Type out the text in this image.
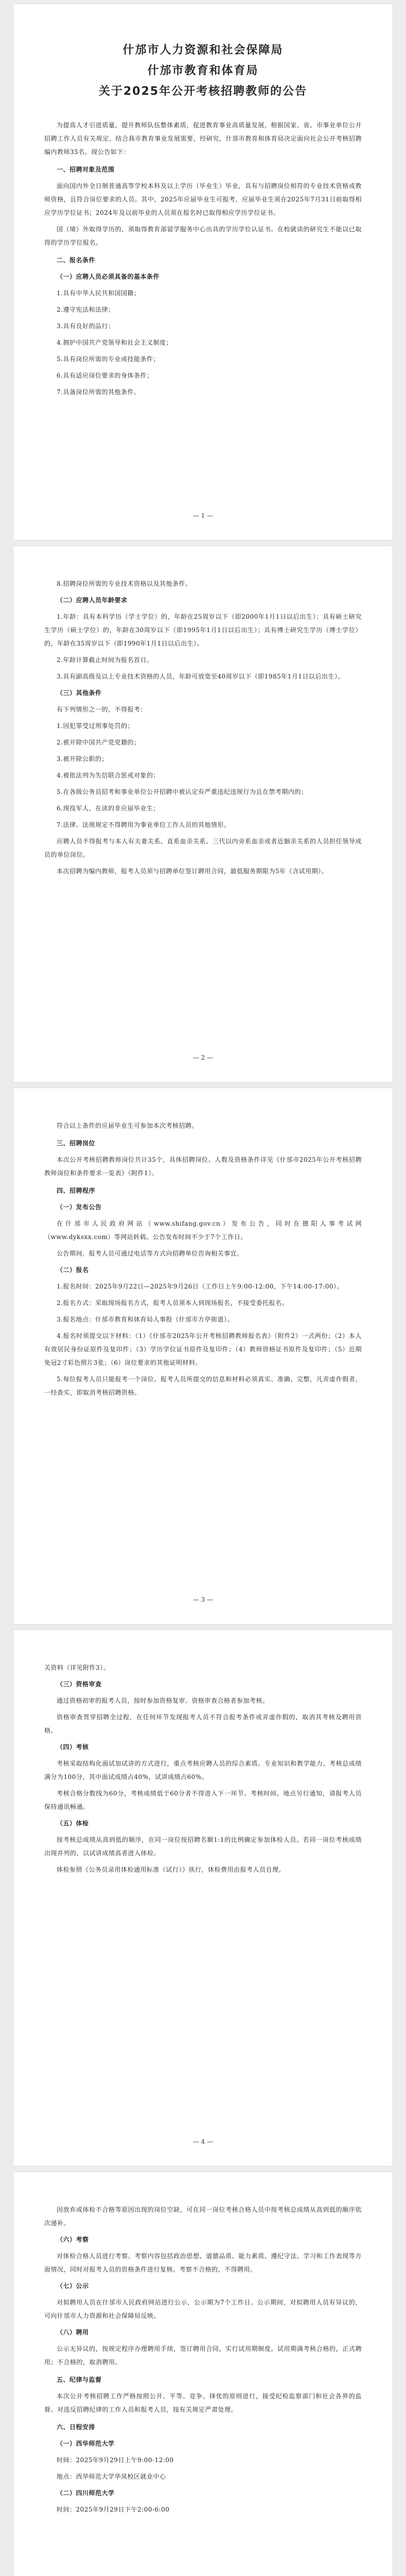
什邡市人力资源和社会保障局
什邡市教育和体育局
关于2025年公开考核招聘教师的公告

为提高人才引进质量，提升教师队伍整体素质，促进教育事业高质量发展，根据国家、省、市事业单位公开招聘工作人员有关规定，结合我市教育事业发展需要，经研究，什邡市教育和体育局决定面向社会公开考核招聘编内教师35名。现公告如下：

一、招聘对象及范围

面向国内外全日制普通高等学校本科及以上学历（毕业生）毕业，具有与招聘岗位相符的专业技术资格或教师资格，且符合岗位要求的人员。其中，2025年应届毕业生可报考，应届毕业生须在2025年7月31日前取得相应学历学位证书；2024年及以前毕业的人员须在报名时已取得相应学历学位证书。

国（境）外取得学历的，须取得教育部留学服务中心出具的学历学位认证书。在校就读的研究生不能以已取得的学历学位报名。

二、报名条件
（一）应聘人员必须具备的基本条件

1.具有中华人民共和国国籍；

2.遵守宪法和法律；

3.具有良好的品行；

4.拥护中国共产党领导和社会主义制度；

5.具有岗位所需的专业或技能条件；

6.具有适应岗位要求的身体条件；

7.具备岗位所需的其他条件。

— 1 —

8.招聘岗位所需的专业技术资格以及其他条件。

（二）应聘人员年龄要求

1.年龄：具有本科学历（学士学位）的，年龄在25周岁以下（即2000年1月1日以后出生）；具有硕士研究生学历（硕士学位）的，年龄在30周岁以下（即1995年1月1日以后出生）；具有博士研究生学历（博士学位）的，年龄在35周岁以下（即1990年1月1日以后出生）。

2.年龄计算截止时间为报名首日。

3.具有副高级及以上专业技术资格的人员，年龄可放宽至40周岁以下（即1985年1月1日以后出生）。

（三）其他条件

有下列情形之一的，不得报考：

1.因犯罪受过刑事处罚的；

2.被开除中国共产党党籍的；

3.被开除公职的；

4.被依法列为失信联合惩戒对象的；

5.在各级公务员招考和事业单位公开招聘中被认定有严重违纪违规行为且在禁考期内的；

6.现役军人、在读的非应届毕业生；

7.法律、法规规定不得聘用为事业单位工作人员的其他情形。

应聘人员不得报考与本人有夫妻关系、直系血亲关系、三代以内旁系血亲或者近姻亲关系的人员担任领导成员的单位岗位。

本次招聘为编内教师，报考人员须与招聘单位签订聘用合同，最低服务期限为5年（含试用期）。

— 2 —

符合以上条件的应届毕业生可参加本次考核招聘。

三、招聘岗位

本次公开考核招聘教师岗位共计35个，具体招聘岗位、人数及资格条件详见《什邡市2025年公开考核招聘教师岗位和条件要求一览表》（附件1）。

四、招聘程序
（一）发布公告

在什邡市人民政府网站（www.shifang.gov.cn）发布公告，同时在德阳人事考试网（www.dyksxx.com）等网站转载。公告发布时间不少于7个工作日。

公告期间，报考人员可通过电话等方式向招聘单位咨询相关事宜。

（二）报名

1.报名时间：2025年9月22日—2025年9月26日（工作日上午9:00-12:00，下午14:00-17:00）。

2.报名方式：采取现场报名方式，报考人员须本人到现场报名，不接受委托报名。

3.报名地点：什邡市教育和体育局人事股（什邡市方亭街道）。

4.报名时须提交以下材料：（1）《什邡市2025年公开考核招聘教师报名表》（附件2）一式两份；（2）本人有效居民身份证原件及复印件；（3）学历学位证书原件及复印件；（4）教师资格证书原件及复印件；（5）近期免冠2寸彩色照片3张；（6）岗位要求的其他证明材料。

5.每位报考人员只能报考一个岗位。报考人员所提交的信息和材料必须真实、准确、完整，凡弄虚作假者，一经查实，即取消考核招聘资格。

— 3 —

关资料（详见附件3）。

（三）资格审查

通过资格初审的报考人员，按时参加资格复审。资格审查合格者参加考核。

资格审查贯穿招聘全过程，在任何环节发现报考人员不符合报考条件或弄虚作假的，取消其考核及聘用资格。

（四）考核

考核采取结构化面试加试讲的方式进行，重点考核应聘人员的综合素质、专业知识和教学能力。考核总成绩满分为100分，其中面试成绩占40%，试讲成绩占60%。

考核合格分数线为60分，考核成绩低于60分者不得进入下一环节。考核时间、地点另行通知，请报考人员保持通讯畅通。

（五）体检

按考核总成绩从高到低的顺序，在同一岗位按招聘名额1:1的比例确定参加体检人员。若同一岗位考核成绩出现并列的，以试讲成绩高者进入体检。

体检参照《公务员录用体检通用标准（试行）》执行，体检费用由报考人员自理。

— 4 —

因放弃或体检不合格等原因出现的岗位空缺，可在同一岗位考核合格人员中按考核总成绩从高到低的顺序依次递补。

（六）考察

对体检合格人员进行考察。考察内容包括政治思想、道德品质、能力素质、遵纪守法、学习和工作表现等方面情况，同时对报考人员的资格条件进行复核。考察不合格的，不得聘用。

（七）公示

对拟聘用人员在什邡市人民政府网站进行公示，公示期为7个工作日。公示期间，对拟聘用人员有异议的，可向什邡市人力资源和社会保障局反映。

（八）聘用

公示无异议的，按规定程序办理聘用手续，签订聘用合同，实行试用期制度。试用期满考核合格的，正式聘用；不合格的，取消聘用。

五、纪律与监督

本次公开考核招聘工作严格按照公开、平等、竞争、择优的原则进行，接受纪检监察部门和社会各界的监督。对违反招聘纪律的工作人员和报考人员，按有关规定严肃处理。

六、日程安排
（一）西华师范大学

时间：2025年9月29日上午9:00-12:00

地点：西华师范大学华凤校区就业中心

（二）四川师范大学

时间：2025年9月29日下午2:00-6:00
